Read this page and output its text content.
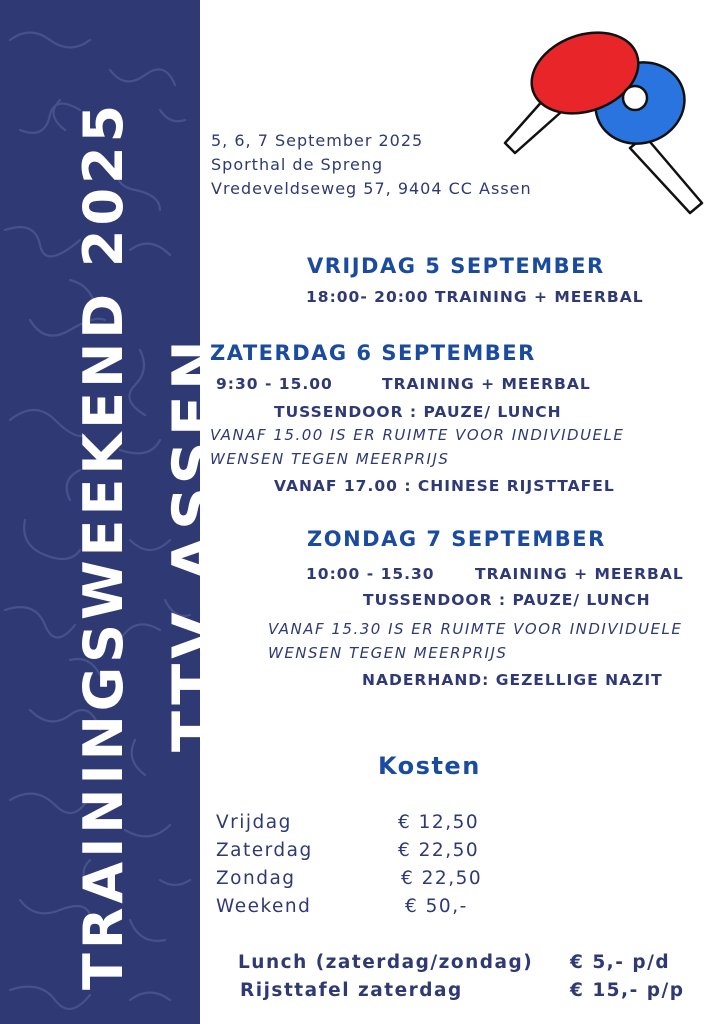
TRAININGSWEEKEND 2025 TTV ASSEN
5, 6, 7 September 2025
Sporthal de Spreng
Vredeveldseweg 57, 9404 CC Assen
VRIJDAG 5 SEPTEMBER
18:00- 20:00 TRAINING + MEERBAL
ZATERDAG 6 SEPTEMBER
9:30 - 15.00	TRAINING + MEERBAL
TUSSENDOOR : PAUZE/ LUNCH
VANAF 15.00 IS ER RUIMTE VOOR INDIVIDUELE
WENSEN TEGEN MEERPRIJS
VANAF 17.00 : CHINESE RIJSTTAFEL
ZONDAG 7 SEPTEMBER
10:00 - 15.30	TRAINING + MEERBAL
TUSSENDOOR : PAUZE/ LUNCH
VANAF 15.30 IS ER RUIMTE VOOR INDIVIDUELE
WENSEN TEGEN MEERPRIJS
NADERHAND: GEZELLIGE NAZIT
Kosten
Vrijdag	€ 12,50
Zaterdag	€ 22,50
Zondag	€ 22,50
Weekend	€ 50,-
Lunch (zaterdag/zondag) € 5,- p/d
Rijsttafel zaterdag	€ 15,- p/p
